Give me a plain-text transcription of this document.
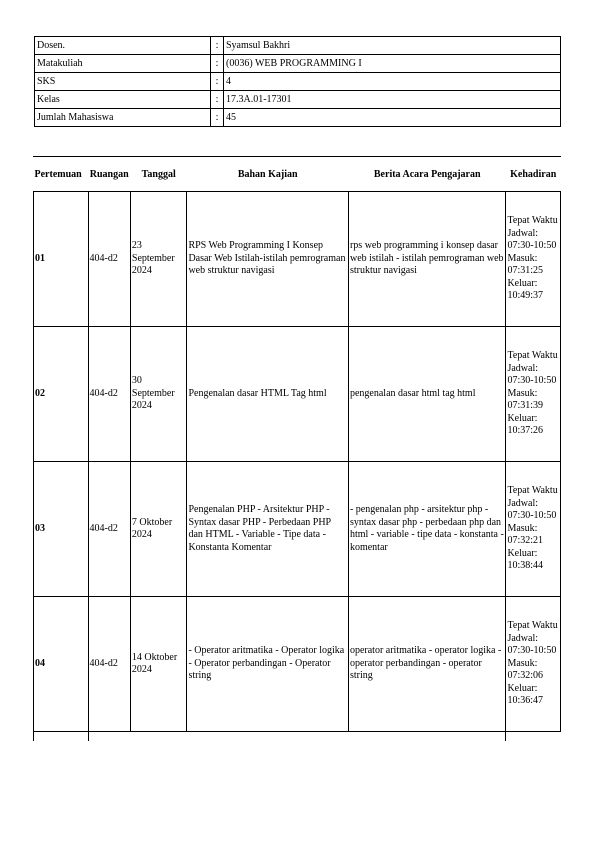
Dosen.	:	Syamsul Bakhri
Matakuliah	:	(0036) WEB PROGRAMMING I
SKS	:	4
Kelas	:	17.3A.01-17301
Jumlah Mahasiswa	:	45
Pertemuan	Ruangan	Tanggal	Bahan Kajian	Berita Acara Pengajaran	Kehadiran
01	404-d2	23 September 2024	RPS Web Programming I Konsep Dasar Web Istilah-istilah pemrograman web struktur navigasi	rps web programming i konsep dasar web istilah - istilah pemrograman web struktur navigasi	Tepat Waktu
Jadwal: 07:30-10:50
Masuk: 07:31:25
Keluar: 10:49:37

02	404-d2	30 September 2024	Pengenalan dasar HTML Tag html	pengenalan dasar html tag html	Tepat Waktu
Jadwal: 07:30-10:50
Masuk: 07:31:39
Keluar: 10:37:26

03	404-d2	7 Oktober 2024	Pengenalan PHP - Arsitektur PHP - Syntax dasar PHP - Perbedaan PHP dan HTML - Variable - Tipe data - Konstanta Komentar	- pengenalan php - arsitektur php - syntax dasar php - perbedaan php dan html - variable - tipe data - konstanta - komentar	Tepat Waktu
Jadwal: 07:30-10:50
Masuk: 07:32:21
Keluar: 10:38:44

04	404-d2	14 Oktober 2024	- Operator aritmatika - Operator logika - Operator perbandingan - Operator string	operator aritmatika - operator logika - operator perbandingan - operator string	Tepat Waktu
Jadwal: 07:30-10:50
Masuk: 07:32:06
Keluar: 10:36:47
